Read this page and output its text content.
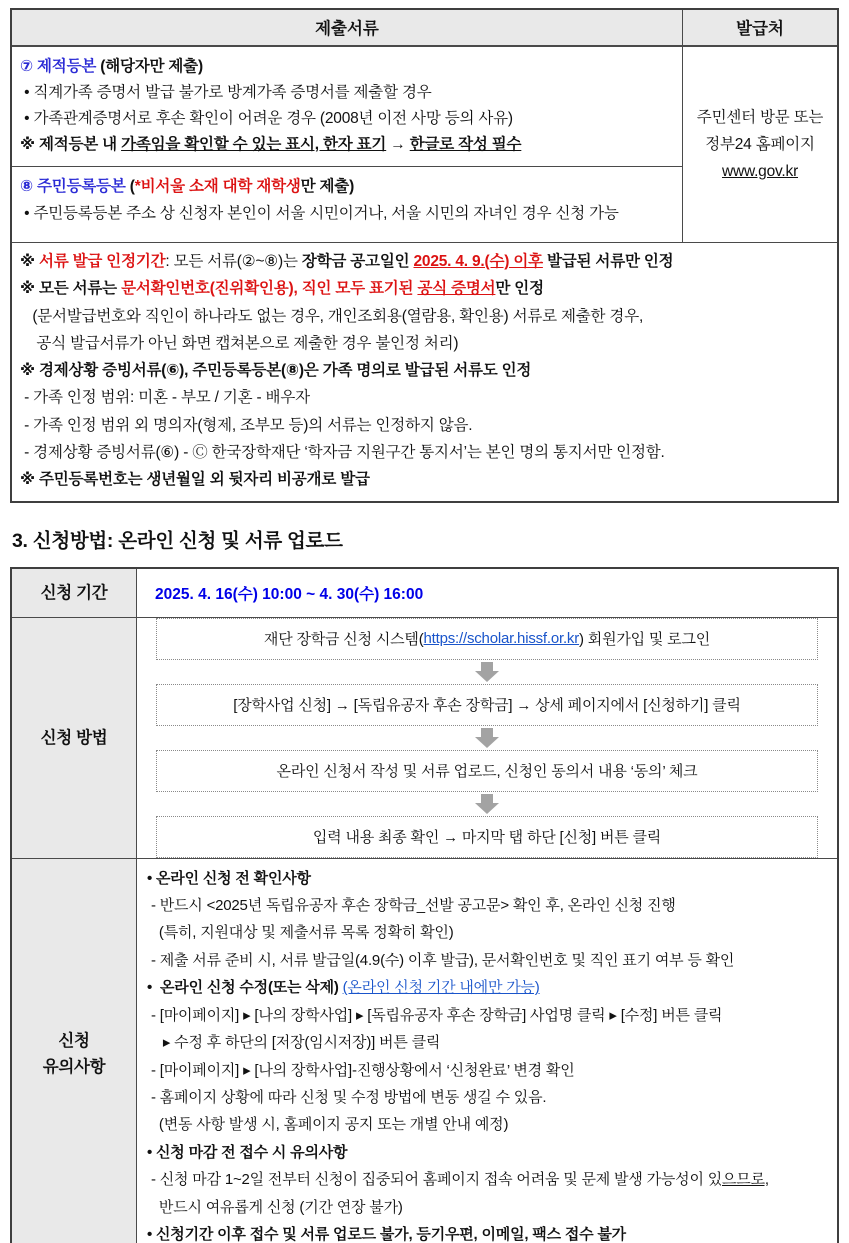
제출서류	발급처
⑦ 제적등본 (해당자만 제출)
• 직계가족 증명서 발급 불가로 방계가족 증명서를 제출할 경우
• 가족관계증명서로 후손 확인이 어려운 경우 (2008년 이전 사망 등의 사유)
※ 제적등본 내 가족임을 확인할 수 있는 표시, 한자 표기 → 한글로 작성 필수
⑧ 주민등록등본 (*비서울 소재 대학 재학생만 제출)
• 주민등록등본 주소 상 신청자 본인이 서울 시민이거나, 서울 시민의 자녀인 경우 신청 가능
주민센터 방문 또는
정부24 홈페이지
www.gov.kr
※ 서류 발급 인정기간: 모든 서류(②~⑧)는 장학금 공고일인 2025. 4. 9.(수) 이후 발급된 서류만 인정
※ 모든 서류는 문서확인번호(진위확인용), 직인 모두 표기된 공식 증명서만 인정
(문서발급번호와 직인이 하나라도 없는 경우, 개인조회용(열람용, 확인용) 서류로 제출한 경우,
공식 발급서류가 아닌 화면 캡쳐본으로 제출한 경우 불인정 처리)
※ 경제상황 증빙서류(⑥), 주민등록등본(⑧)은 가족 명의로 발급된 서류도 인정
- 가족 인정 범위: 미혼 - 부모 / 기혼 - 배우자
- 가족 인정 범위 외 명의자(형제, 조부모 등)의 서류는 인정하지 않음.
- 경제상황 증빙서류(⑥) - Ⓒ 한국장학재단 ‘학자금 지원구간 통지서’는 본인 명의 통지서만 인정함.
※ 주민등록번호는 생년월일 외 뒷자리 비공개로 발급
3. 신청방법: 온라인 신청 및 서류 업로드
신청 기간	2025. 4. 16(수) 10:00 ~ 4. 30(수) 16:00
신청 방법
재단 장학금 신청 시스템( https://scholar.hissf.or.kr ) 회원가입 및 로그인
[장학사업 신청] → [독립유공자 후손 장학금] → 상세 페이지에서 [신청하기] 클릭
온라인 신청서 작성 및 서류 업로드, 신청인 동의서 내용 ‘동의’ 체크
입력 내용 최종 확인 → 마지막 탭 하단 [신청] 버튼 클릭
신청
유의사항
• 온라인 신청 전 확인사항
- 반드시 <2025년 독립유공자 후손 장학금_선발 공고문> 확인 후, 온라인 신청 진행
(특히, 지원대상 및 제출서류 목록 정확히 확인)
- 제출 서류 준비 시, 서류 발급일(4.9(수) 이후 발급), 문서확인번호 및 직인 표기 여부 등 확인
•  온라인 신청 수정(또는 삭제) (온라인 신청 기간 내에만 가능)
- [마이페이지] ▸ [나의 장학사업] ▸ [독립유공자 후손 장학금] 사업명 클릭 ▸ [수정] 버튼 클릭
▸ 수정 후 하단의 [저장(임시저장)] 버튼 클릭
- [마이페이지] ▸ [나의 장학사업]-진행상황에서 ‘신청완료’ 변경 확인
- 홈페이지 상황에 따라 신청 및 수정 방법에 변동 생길 수 있음.
(변동 사항 발생 시, 홈페이지 공지 또는 개별 안내 예정)
• 신청 마감 전 접수 시 유의사항
- 신청 마감 1~2일 전부터 신청이 집중되어 홈페이지 접속 어려움 및 문제 발생 가능성이 있으므로,
반드시 여유롭게 신청 (기간 연장 불가)
• 신청기간 이후 접수 및 서류 업로드 불가, 등기우편, 이메일, 팩스 접수 불가
